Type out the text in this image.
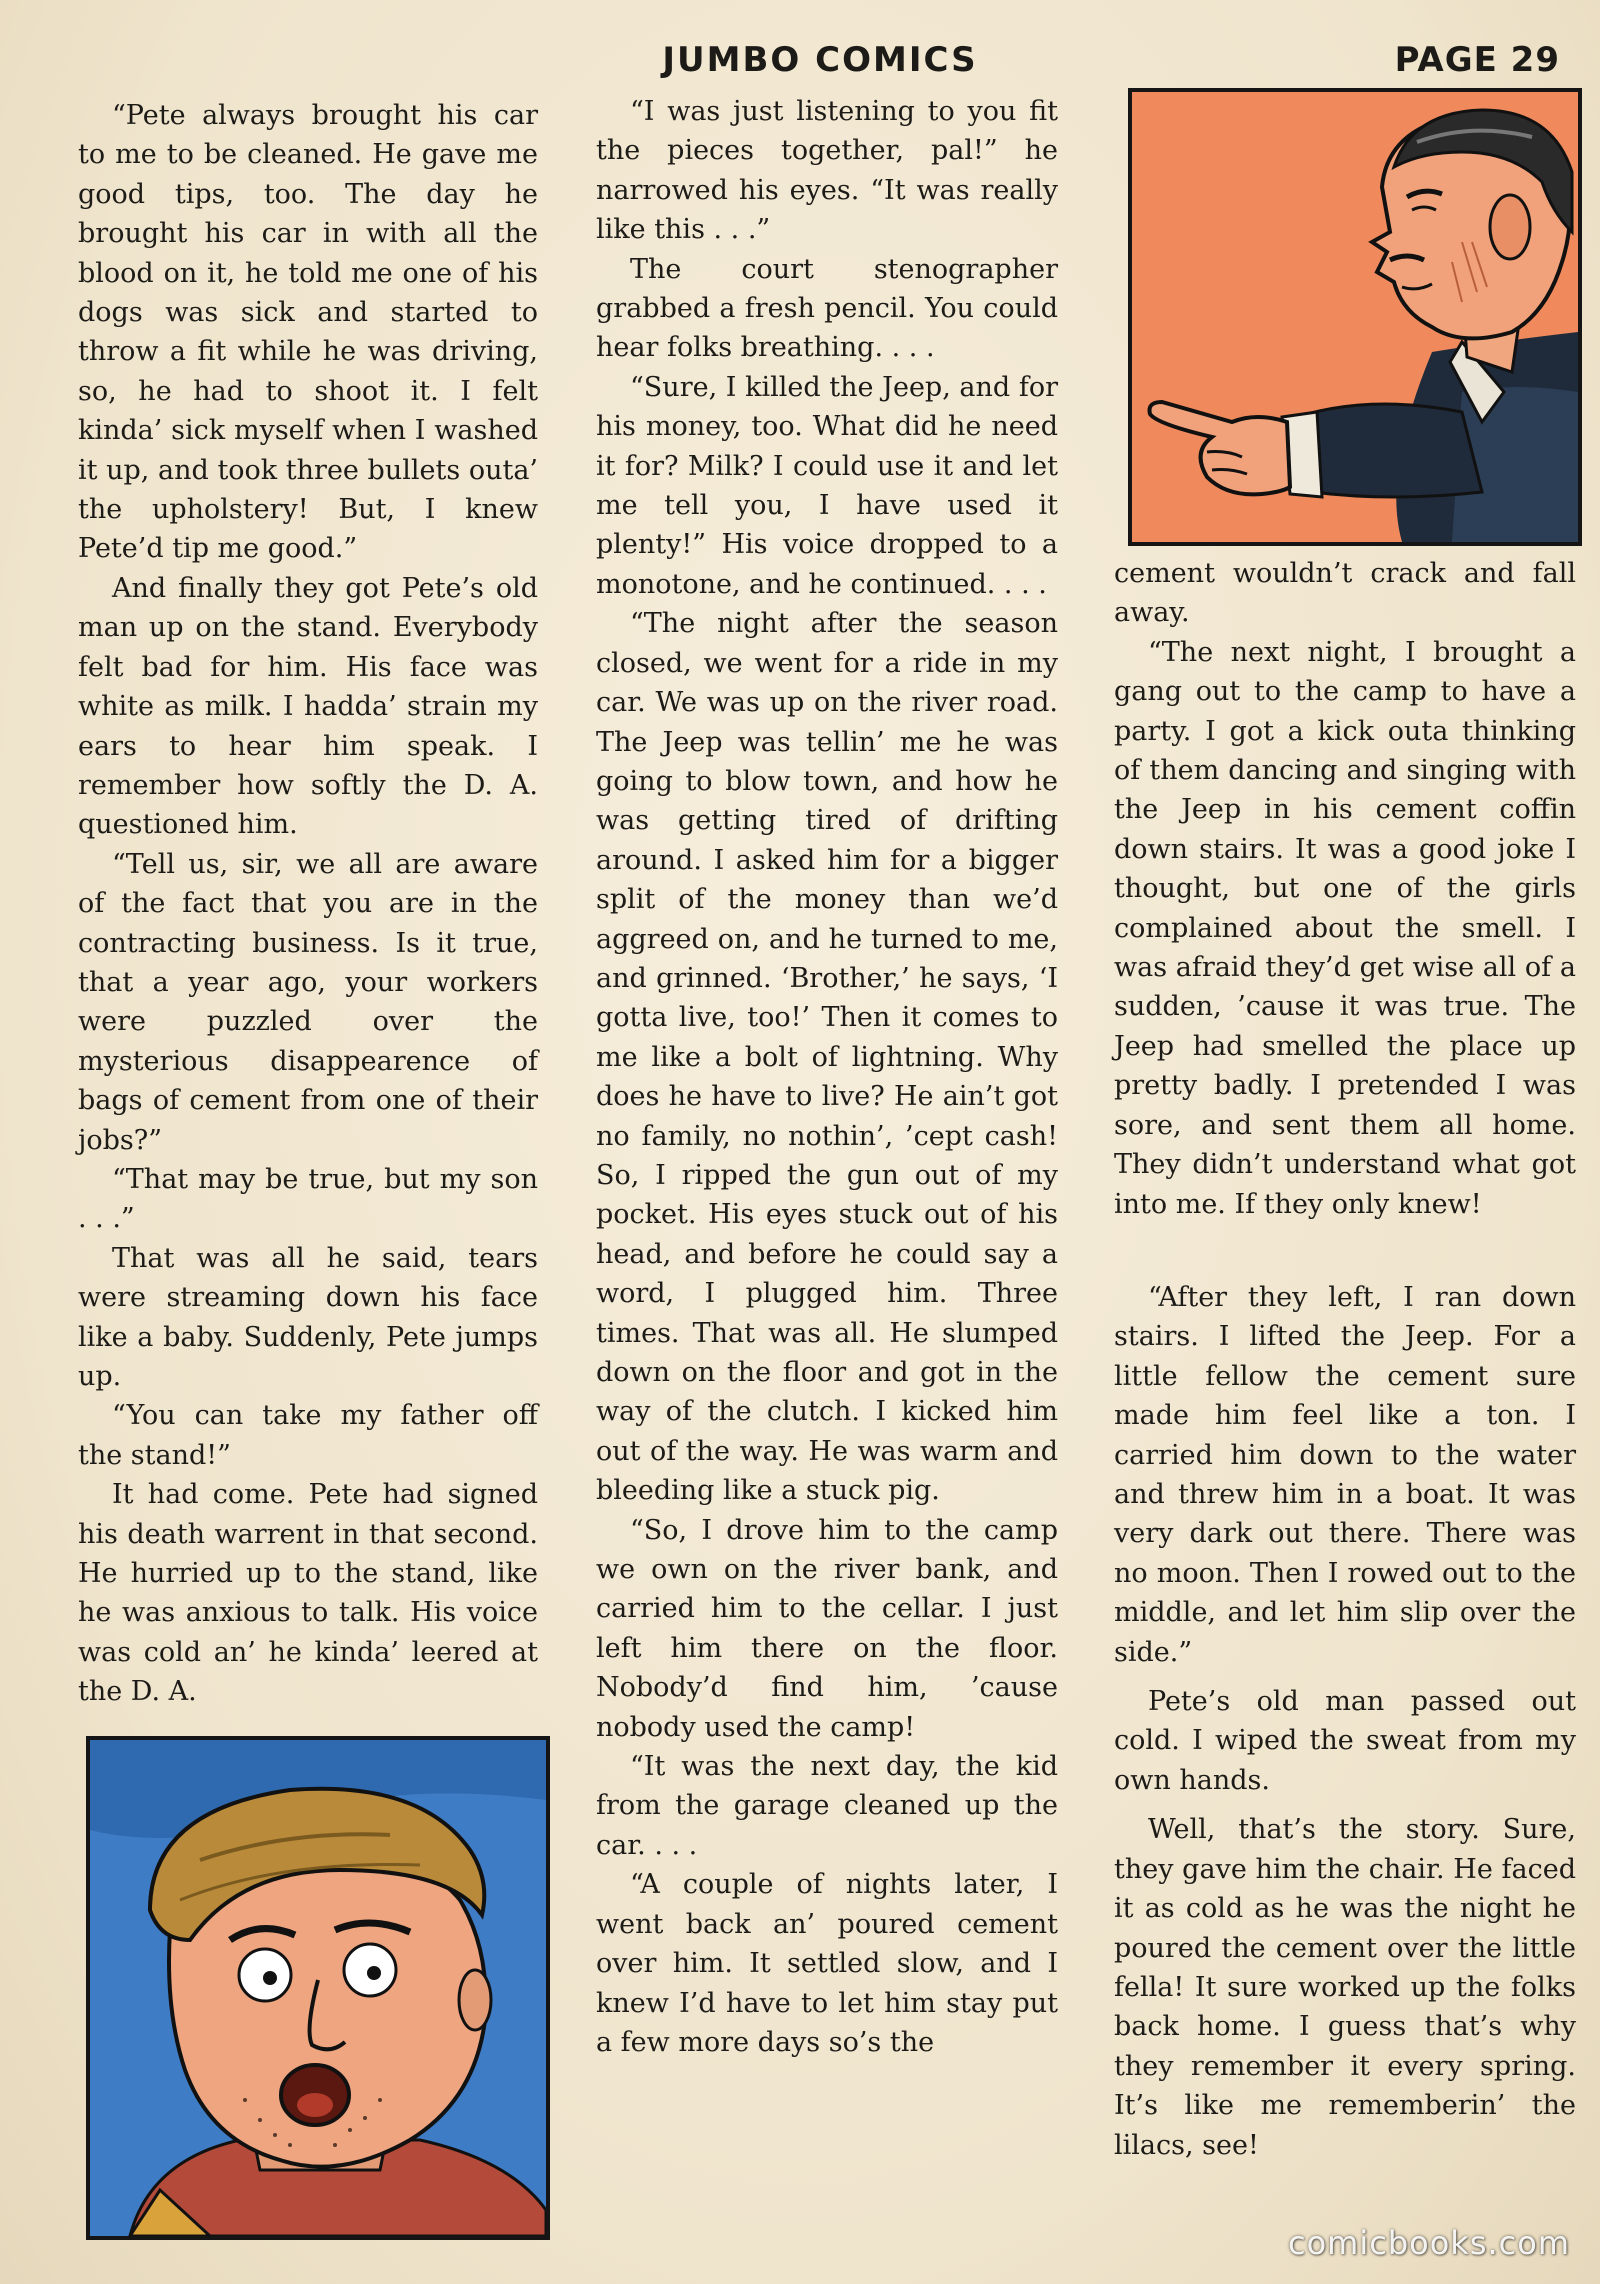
JUMBO COMICS	PAGE 29

“Pete always brought his car to me to be cleaned. He gave me good tips, too. The day he brought his car in with all the blood on it, he told me one of his dogs was sick and started to throw a fit while he was driving, so, he had to shoot it. I felt kinda’ sick myself when I washed it up, and took three bullets outa’ the upholstery! But, I knew Pete’d tip me good.”

And finally they got Pete’s old man up on the stand. Everybody felt bad for him. His face was white as milk. I hadda’ strain my ears to hear him speak. I remember how softly the D. A. questioned him.

“Tell us, sir, we all are aware of the fact that you are in the contracting business. Is it true, that a year ago, your workers were puzzled over the mysterious disappearence of bags of cement from one of their jobs?”

“That may be true, but my son . . .”

That was all he said, tears were streaming down his face like a baby. Suddenly, Pete jumps up.

“You can take my father off the stand!”

It had come. Pete had signed his death warrent in that second. He hurried up to the stand, like he was anxious to talk. His voice was cold an’ he kinda’ leered at the D. A.

“I was just listening to you fit the pieces together, pal!” he narrowed his eyes. “It was really like this . . .”

The court stenographer grabbed a fresh pencil. You could hear folks breathing. . . .

“Sure, I killed the Jeep, and for his money, too. What did he need it for? Milk? I could use it and let me tell you, I have used it plenty!” His voice dropped to a monotone, and he continued. . . .

“The night after the season closed, we went for a ride in my car. We was up on the river road. The Jeep was tellin’ me he was going to blow town, and how he was getting tired of drifting around. I asked him for a bigger split of the money than we’d aggreed on, and he turned to me, and grinned. ‘Brother,’ he says, ‘I gotta live, too!’ Then it comes to me like a bolt of lightning. Why does he have to live? He ain’t got no family, no nothin’, ’cept cash! So, I ripped the gun out of my pocket. His eyes stuck out of his head, and before he could say a word, I plugged him. Three times. That was all. He slumped down on the floor and got in the way of the clutch. I kicked him out of the way. He was warm and bleeding like a stuck pig.

“So, I drove him to the camp we own on the river bank, and carried him to the cellar. I just left him there on the floor. Nobody’d find him, ’cause nobody used the camp!

“It was the next day, the kid from the garage cleaned up the car. . . .

“A couple of nights later, I went back an’ poured cement over him. It settled slow, and I knew I’d have to let him stay put a few more days so’s the

cement wouldn’t crack and fall away.

“The next night, I brought a gang out to the camp to have a party. I got a kick outa thinking of them dancing and singing with the Jeep in his cement coffin down stairs. It was a good joke I thought, but one of the girls complained about the smell. I was afraid they’d get wise all of a sudden, ’cause it was true. The Jeep had smelled the place up pretty badly. I pretended I was sore, and sent them all home. They didn’t understand what got into me. If they only knew!

“After they left, I ran down stairs. I lifted the Jeep. For a little fellow the cement sure made him feel like a ton. I carried him down to the water and threw him in a boat. It was very dark out there. There was no moon. Then I rowed out to the middle, and let him slip over the side.”

Pete’s old man passed out cold. I wiped the sweat from my own hands.

Well, that’s the story. Sure, they gave him the chair. He faced it as cold as he was the night he poured the cement over the little fella! It sure worked up the folks back home. I guess that’s why they remember it every spring. It’s like me rememberin’ the lilacs, see!

comicbooks.com
